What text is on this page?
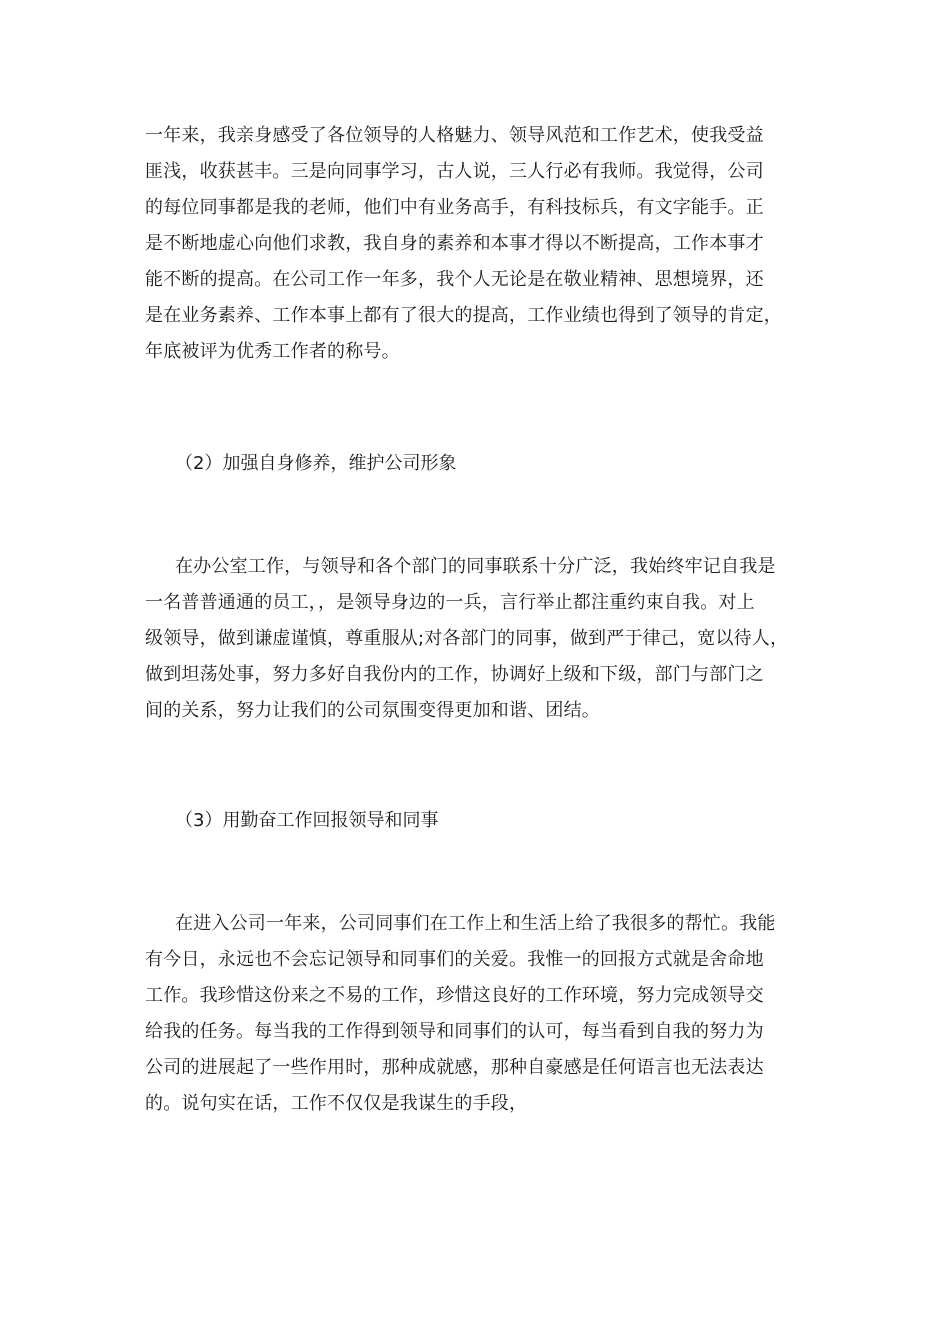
一年来，我亲身感受了各位领导的人格魅力、领导风范和工作艺术，使我受益
匪浅，收获甚丰。三是向同事学习，古人说，三人行必有我师。我觉得，公司
的每位同事都是我的老师，他们中有业务高手，有科技标兵，有文字能手。正
是不断地虚心向他们求教，我自身的素养和本事才得以不断提高，工作本事才
能不断的提高。在公司工作一年多，我个人无论是在敬业精神、思想境界，还
是在业务素养、工作本事上都有了很大的提高，工作业绩也得到了领导的肯定，
年底被评为优秀工作者的称号。
（2）加强自身修养，维护公司形象
在办公室工作，与领导和各个部门的同事联系十分广泛，我始终牢记自我是
一名普普通通的员工，，是领导身边的一兵，言行举止都注重约束自我。对上
级领导，做到谦虚谨慎，尊重服从;对各部门的同事，做到严于律己，宽以待人，
做到坦荡处事，努力多好自我份内的工作，协调好上级和下级，部门与部门之
间的关系，努力让我们的公司氛围变得更加和谐、团结。
（3）用勤奋工作回报领导和同事
在进入公司一年来，公司同事们在工作上和生活上给了我很多的帮忙。我能
有今日，永远也不会忘记领导和同事们的关爱。我惟一的回报方式就是舍命地
工作。我珍惜这份来之不易的工作，珍惜这良好的工作环境，努力完成领导交
给我的任务。每当我的工作得到领导和同事们的认可，每当看到自我的努力为
公司的进展起了一些作用时，那种成就感，那种自豪感是任何语言也无法表达
的。说句实在话，工作不仅仅是我谋生的手段，
